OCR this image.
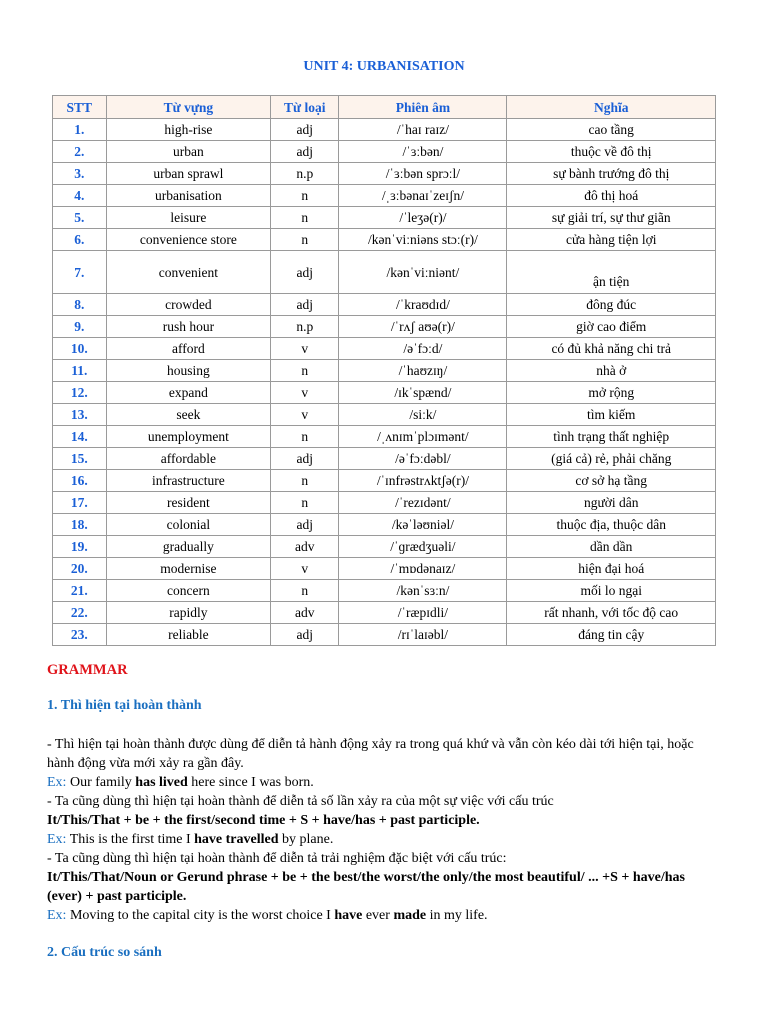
UNIT 4: URBANISATION
STT	Từ vựng	Từ loại	Phiên âm	Nghĩa
1.	high-rise	adj	/ˈhaɪ raɪz/	cao tầng
2.	urban	adj	/ˈɜːbən/	thuộc về đô thị
3.	urban sprawl	n.p	/ˈɜːbən sprɔːl/	sự bành trướng đô thị
4.	urbanisation	n	/ˌɜːbənaɪˈzeɪʃn/	đô thị hoá
5.	leisure	n	/ˈleʒə(r)/	sự giải trí, sự thư giãn
6.	convenience store	n	/kənˈviːniəns stɔː(r)/	cửa hàng tiện lợi
7.	convenient	adj	/kənˈviːniənt/	ận tiện
8.	crowded	adj	/ˈkraʊdɪd/	đông đúc
9.	rush hour	n.p	/ˈrʌʃ aʊə(r)/	giờ cao điểm
10.	afford	v	/əˈfɔːd/	có đủ khả năng chi trả
11.	housing	n	/ˈhaʊzɪŋ/	nhà ở
12.	expand	v	/ɪkˈspænd/	mở rộng
13.	seek	v	/siːk/	tìm kiếm
14.	unemployment	n	/ˌʌnɪmˈplɔɪmənt/	tình trạng thất nghiệp
15.	affordable	adj	/əˈfɔːdəbl/	(giá cả) rẻ, phải chăng
16.	infrastructure	n	/ˈɪnfrəstrʌktʃə(r)/	cơ sở hạ tầng
17.	resident	n	/ˈrezɪdənt/	người dân
18.	colonial	adj	/kəˈləʊniəl/	thuộc địa, thuộc dân
19.	gradually	adv	/ˈɡrædʒuəli/	dần dần
20.	modernise	v	/ˈmɒdənaɪz/	hiện đại hoá
21.	concern	n	/kənˈsɜːn/	mối lo ngại
22.	rapidly	adv	/ˈræpɪdli/	rất nhanh, với tốc độ cao
23.	reliable	adj	/rɪˈlaɪəbl/	đáng tin cậy
GRAMMAR
1. Thì hiện tại hoàn thành
- Thì hiện tại hoàn thành được dùng để diễn tả hành động xảy ra trong quá khứ và vẫn còn kéo dài tới hiện tại, hoặc hành động vừa mới xảy ra gần đây.
Ex: Our family has lived here since I was born.
- Ta cũng dùng thì hiện tại hoàn thành để diễn tả số lần xảy ra của một sự việc với cấu trúc
It/This/That + be + the first/second time + S + have/has + past participle.
Ex: This is the first time I have travelled by plane.
- Ta cũng dùng thì hiện tại hoàn thành để diễn tả trải nghiệm đặc biệt với cấu trúc:
It/This/That/Noun or Gerund phrase + be + the best/the worst/the only/the most beautiful/ ... +S + have/has (ever) + past participle.
Ex: Moving to the capital city is the worst choice I have ever made in my life.
2. Cấu trúc so sánh
